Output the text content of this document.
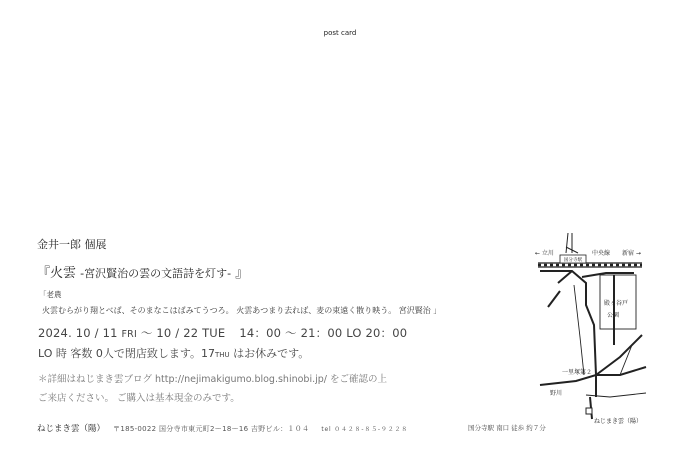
post card
金井一郎 個展
『火雲 -宮沢賢治の雲の文語詩を灯す- 』
「老農
火雲むらがり翔とべば、そのまなこはばみてうつろ。 火雲あつまり去れば、麦の束遠く散り映う。 宮沢賢治 」
2024. 10 / 11 FRI ～ 10 / 22 TUE 14：00 ～ 21：00 LO 20：00
LO 時 客数 0人で閉店致します。17THU はお休みです。
＊詳細はねじまき雲ブログ http://nejimakigumo.blog.shinobi.jp/ をご確認の上
ご来店ください。 ご購入は基本現金のみです。
ねじまき雲（陽） 〒185-0022 国分寺市東元町2ー18ー16 吉野ビル：１０４ tel ０４２８-８５-９２２８	国分寺駅 南口 徒歩 約７分
国分寺駅
← 立川	中央線 新宿 →
殿ヶ谷戸
公園
一里塚第２
野川
ねじまき雲（陽）
